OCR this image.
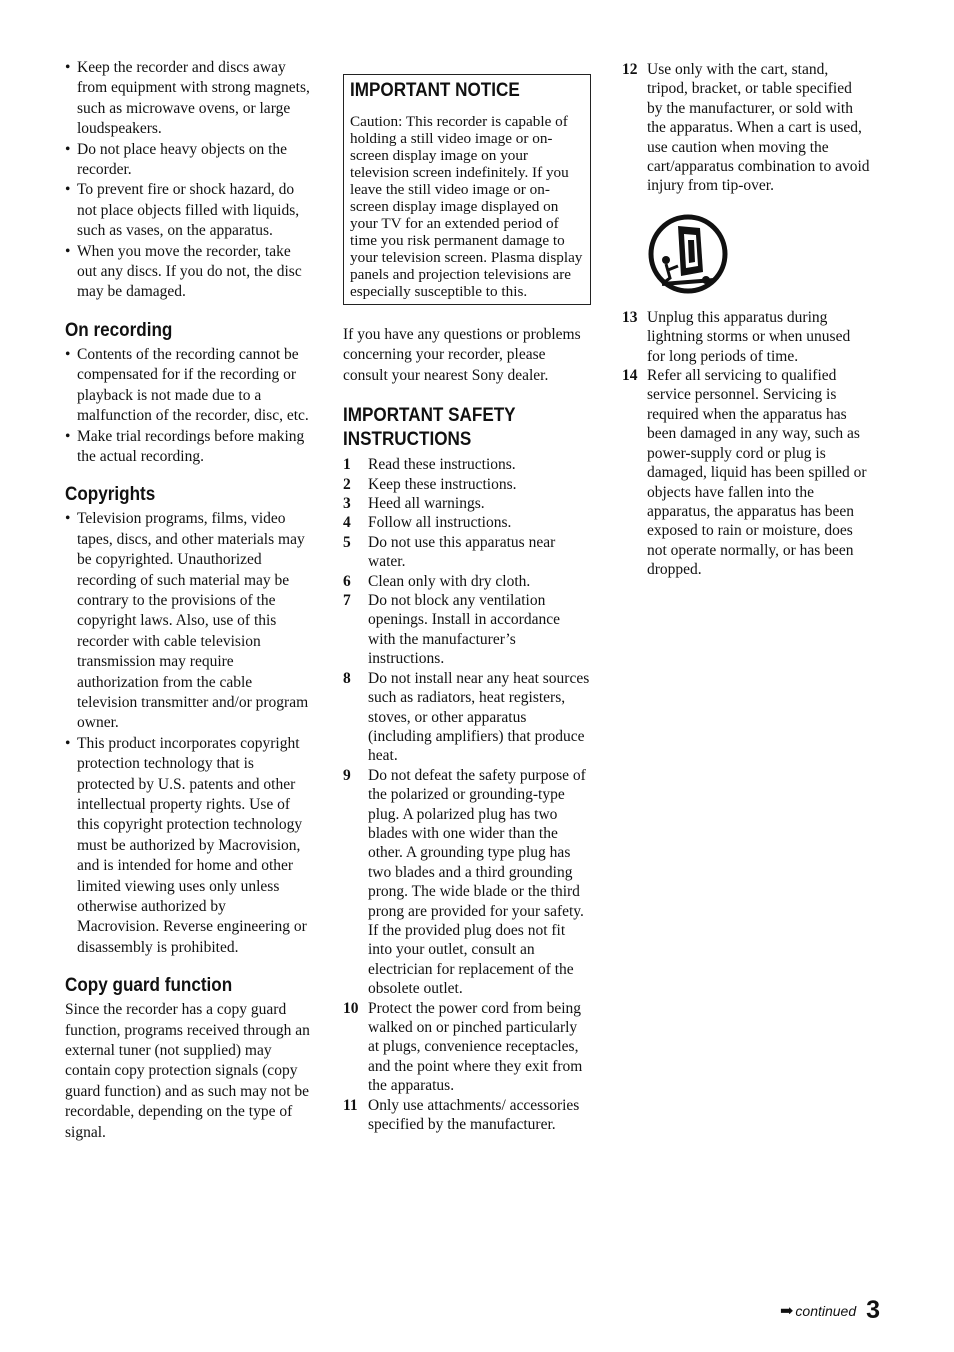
• Keep the recorder and discs away from equipment with strong magnets, such as microwave ovens, or large loudspeakers.
• Do not place heavy objects on the recorder.
• To prevent fire or shock hazard, do not place objects filled with liquids, such as vases, on the apparatus.
• When you move the recorder, take out any discs. If you do not, the disc may be damaged.
On recording
• Contents of the recording cannot be compensated for if the recording or playback is not made due to a malfunction of the recorder, disc, etc.
• Make trial recordings before making the actual recording.
Copyrights
• Television programs, films, video tapes, discs, and other materials may be copyrighted. Unauthorized recording of such material may be contrary to the provisions of the copyright laws. Also, use of this recorder with cable television transmission may require authorization from the cable television transmitter and/or program owner.
• This product incorporates copyright protection technology that is protected by U.S. patents and other intellectual property rights. Use of this copyright protection technology must be authorized by Macrovision, and is intended for home and other limited viewing uses only unless otherwise authorized by Macrovision. Reverse engineering or disassembly is prohibited.
Copy guard function

Since the recorder has a copy guard function, programs received through an external tuner (not supplied) may contain copy protection signals (copy guard function) and as such may not be recordable, depending on the type of signal.

IMPORTANT NOTICE

Caution: This recorder is capable of holding a still video image or on-screen display image on your television screen indefinitely. If you leave the still video image or on-screen display image displayed on your TV for an extended period of time you risk permanent damage to your television screen. Plasma display panels and projection televisions are especially susceptible to this.

If you have any questions or problems concerning your recorder, please consult your nearest Sony dealer.

IMPORTANT SAFETY INSTRUCTIONS
1	Read these instructions.
2	Keep these instructions.
3	Heed all warnings.
4	Follow all instructions.
5	Do not use this apparatus near water.
6	Clean only with dry cloth.
7	Do not block any ventilation openings. Install in accordance with the manufacturer’s instructions.
8	Do not install near any heat sources such as radiators, heat registers, stoves, or other apparatus (including amplifiers) that produce heat.
9	Do not defeat the safety purpose of the polarized or grounding-type plug. A polarized plug has two blades with one wider than the other. A grounding type plug has two blades and a third grounding prong. The wide blade or the third prong are provided for your safety. If the provided plug does not fit into your outlet, consult an electrician for replacement of the obsolete outlet.
10 Protect the power cord from being walked on or pinched particularly at plugs, convenience receptacles, and the point where they exit from the apparatus.
11 Only use attachments/ accessories specified by the manufacturer.
12 Use only with the cart, stand, tripod, bracket, or table specified by the manufacturer, or sold with the apparatus. When a cart is used, use caution when moving the cart/apparatus combination to avoid injury from tip-over.
13 Unplug this apparatus during lightning storms or when unused for long periods of time.
14 Refer all servicing to qualified service personnel. Servicing is required when the apparatus has been damaged in any way, such as power-supply cord or plug is damaged, liquid has been spilled or objects have fallen into the apparatus, the apparatus has been exposed to rain or moisture, does not operate normally, or has been dropped.
➡ continued 3
